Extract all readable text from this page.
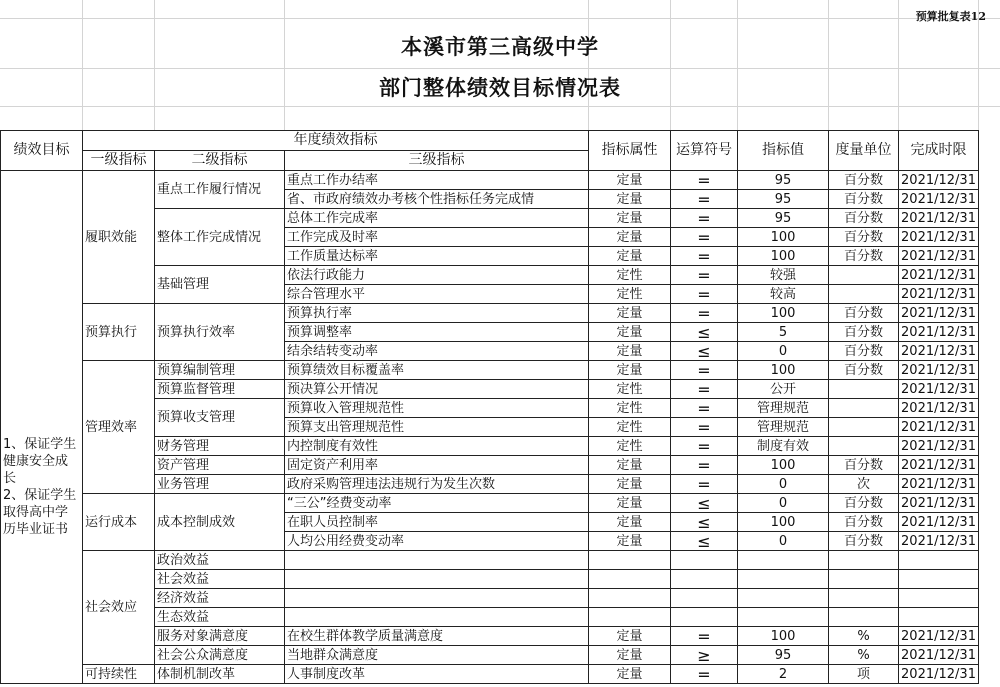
预算批复表12
本溪市第三高级中学
部门整体绩效目标情况表
绩效目标	年度绩效指标			指标属性	运算符号	指标值	度量单位	完成时限
	一级指标	二级指标	三级指标					
1、保证学生健康安全成长
2、保证学生取得高中学历毕业证书	履职效能	重点工作履行情况	重点工作办结率	定量	=	95	百分数	2021/12/31
			省、市政府绩效办考核个性指标任务完成情	定量	=	95	百分数	2021/12/31
		整体工作完成情况	总体工作完成率	定量	=	95	百分数	2021/12/31
			工作完成及时率	定量	=	100	百分数	2021/12/31
			工作质量达标率	定量	=	100	百分数	2021/12/31
		基础管理	依法行政能力	定性	=	较强		2021/12/31
			综合管理水平	定性	=	较高		2021/12/31
	预算执行	预算执行效率	预算执行率	定量	=	100	百分数	2021/12/31
			预算调整率	定量	≤	5	百分数	2021/12/31
			结余结转变动率	定量	≤	0	百分数	2021/12/31
	管理效率	预算编制管理	预算绩效目标覆盖率	定量	=	100	百分数	2021/12/31
		预算监督管理	预决算公开情况	定性	=	公开		2021/12/31
		预算收支管理	预算收入管理规范性	定性	=	管理规范		2021/12/31
			预算支出管理规范性	定性	=	管理规范		2021/12/31
		财务管理	内控制度有效性	定性	=	制度有效		2021/12/31
		资产管理	固定资产利用率	定量	=	100	百分数	2021/12/31
		业务管理	政府采购管理违法违规行为发生次数	定量	=	0	次	2021/12/31
	运行成本	成本控制成效	“三公”经费变动率	定量	≤	0	百分数	2021/12/31
			在职人员控制率	定量	≤	100	百分数	2021/12/31
			人均公用经费变动率	定量	≤	0	百分数	2021/12/31
	社会效应	政治效益						
		社会效益						
		经济效益						
		生态效益						
		服务对象满意度	在校生群体教学质量满意度	定量	=	100	%	2021/12/31
		社会公众满意度	当地群众满意度	定量	≥	95	%	2021/12/31
	可持续性	体制机制改革	人事制度改革	定量	=	2	项	2021/12/31
